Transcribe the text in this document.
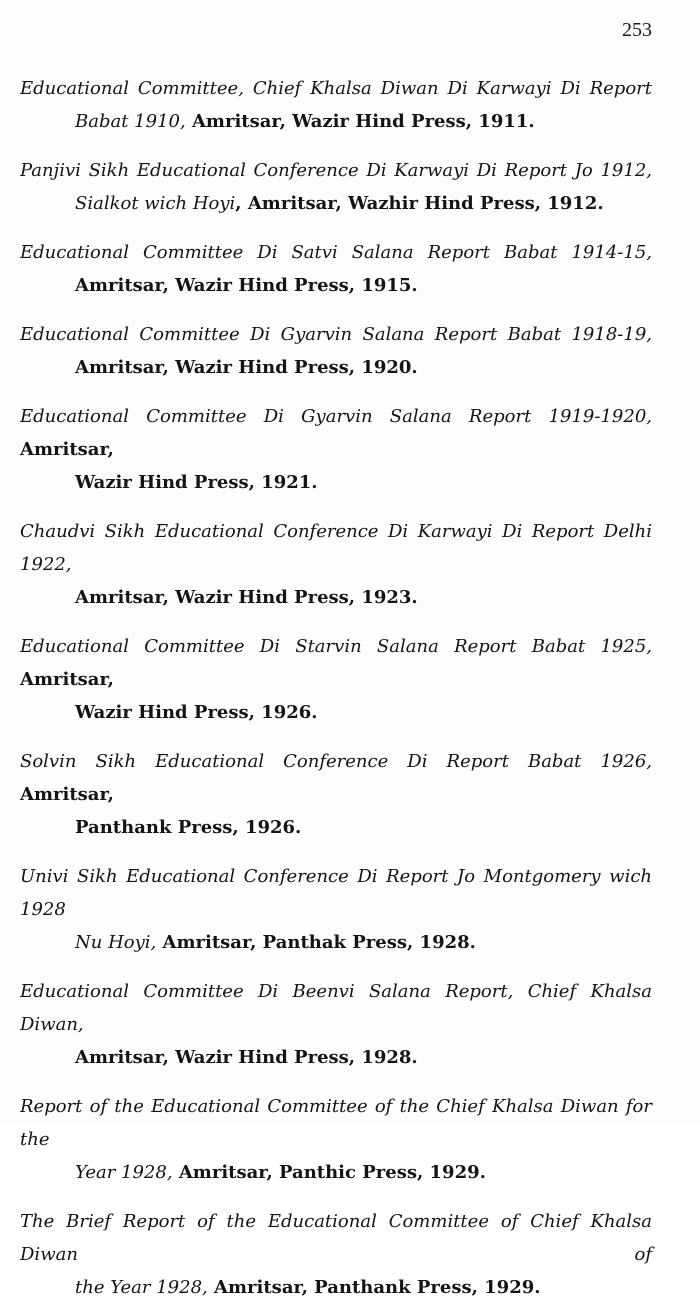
253
Educational Committee, Chief Khalsa Diwan Di Karwayi Di Report
Babat 1910, Amritsar, Wazir Hind Press, 1911.
Panjivi Sikh Educational Conference Di Karwayi Di Report Jo 1912,
Sialkot wich Hoyi, Amritsar, Wazhir Hind Press, 1912.
Educational Committee Di Satvi Salana Report Babat 1914-15,
Amritsar, Wazir Hind Press, 1915.
Educational Committee Di Gyarvin Salana Report Babat 1918-19,
Amritsar, Wazir Hind Press, 1920.
Educational Committee Di Gyarvin Salana Report 1919-1920, Amritsar,
Wazir Hind Press, 1921.
Chaudvi Sikh Educational Conference Di Karwayi Di Report Delhi 1922,
Amritsar, Wazir Hind Press, 1923.
Educational Committee Di Starvin Salana Report Babat 1925, Amritsar,
Wazir Hind Press, 1926.
Solvin Sikh Educational Conference Di Report Babat 1926, Amritsar,
Panthank Press, 1926.
Univi Sikh Educational Conference Di Report Jo Montgomery wich 1928
Nu Hoyi, Amritsar, Panthak Press, 1928.
Educational Committee Di Beenvi Salana Report, Chief Khalsa Diwan,
Amritsar, Wazir Hind Press, 1928.
Report of the Educational Committee of the Chief Khalsa Diwan for the
Year 1928, Amritsar, Panthic Press, 1929.
The Brief Report of the Educational Committee of Chief Khalsa Diwan of
the Year 1928, Amritsar, Panthank Press, 1929.
